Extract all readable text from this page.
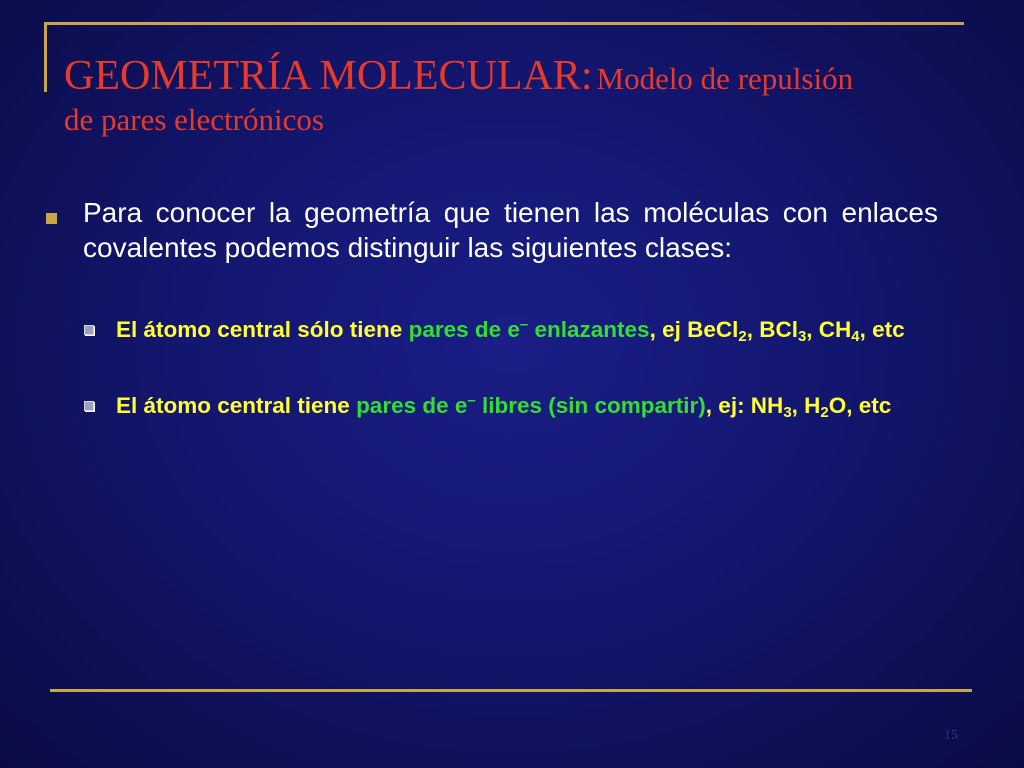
GEOMETRÍA MOLECULAR: Modelo de repulsión
de pares electrónicos
Para conocer la geometría que tienen las moléculas con enlaces covalentes podemos distinguir las siguientes clases:
El átomo central sólo tiene pares de e– enlazantes, ej BeCl$_2$, BCl$_3$, $CH_4$, etc
El átomo central tiene pares de e– libres (sin compartir), ej: $NH_3$, $H_2O$, etc
15
